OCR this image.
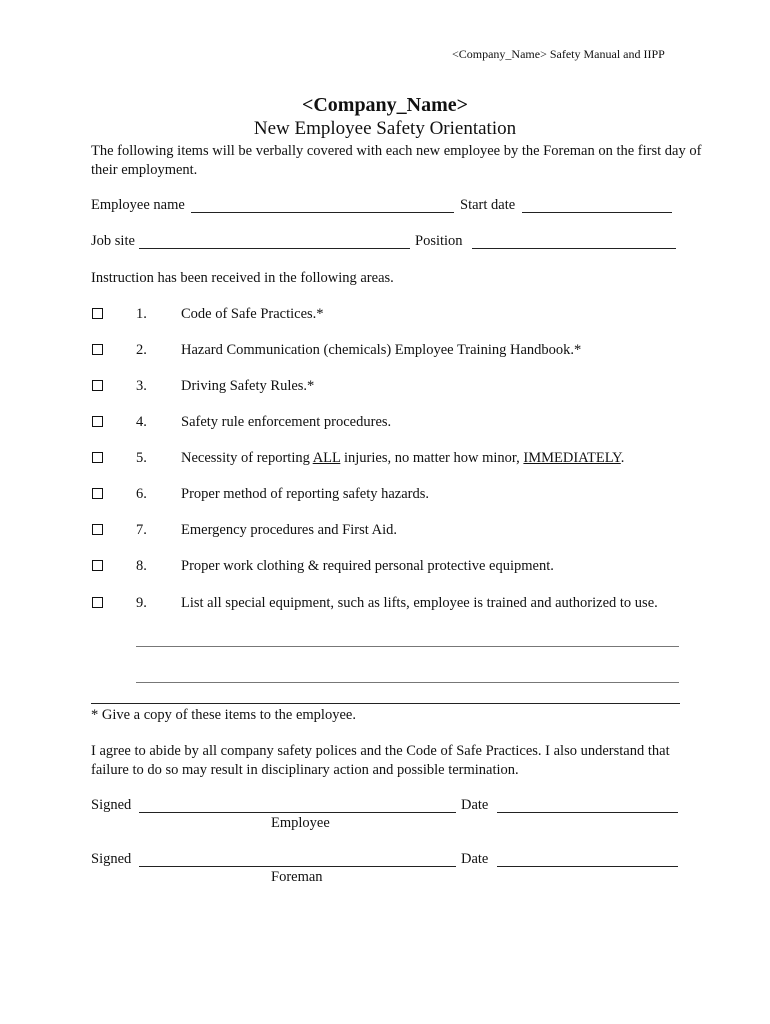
<Company_Name> Safety Manual and IIPP
<Company_Name>
New Employee Safety Orientation
The following items will be verbally covered with each new employee by the Foreman on the first day of their employment.
Employee name	Start date
Job site	Position
Instruction has been received in the following areas.
1. Code of Safe Practices.*
2. Hazard Communication (chemicals) Employee Training Handbook.*
3. Driving Safety Rules.*
4. Safety rule enforcement procedures.
5. Necessity of reporting ALL injuries, no matter how minor, IMMEDIATELY.
6. Proper method of reporting safety hazards.
7. Emergency procedures and First Aid.
8. Proper work clothing & required personal protective equipment.
9. List all special equipment, such as lifts, employee is trained and authorized to use.
* Give a copy of these items to the employee.
I agree to abide by all company safety polices and the Code of Safe Practices. I also understand that failure to do so may result in disciplinary action and possible termination.
Signed	Date
Employee
Signed	Date
Foreman
